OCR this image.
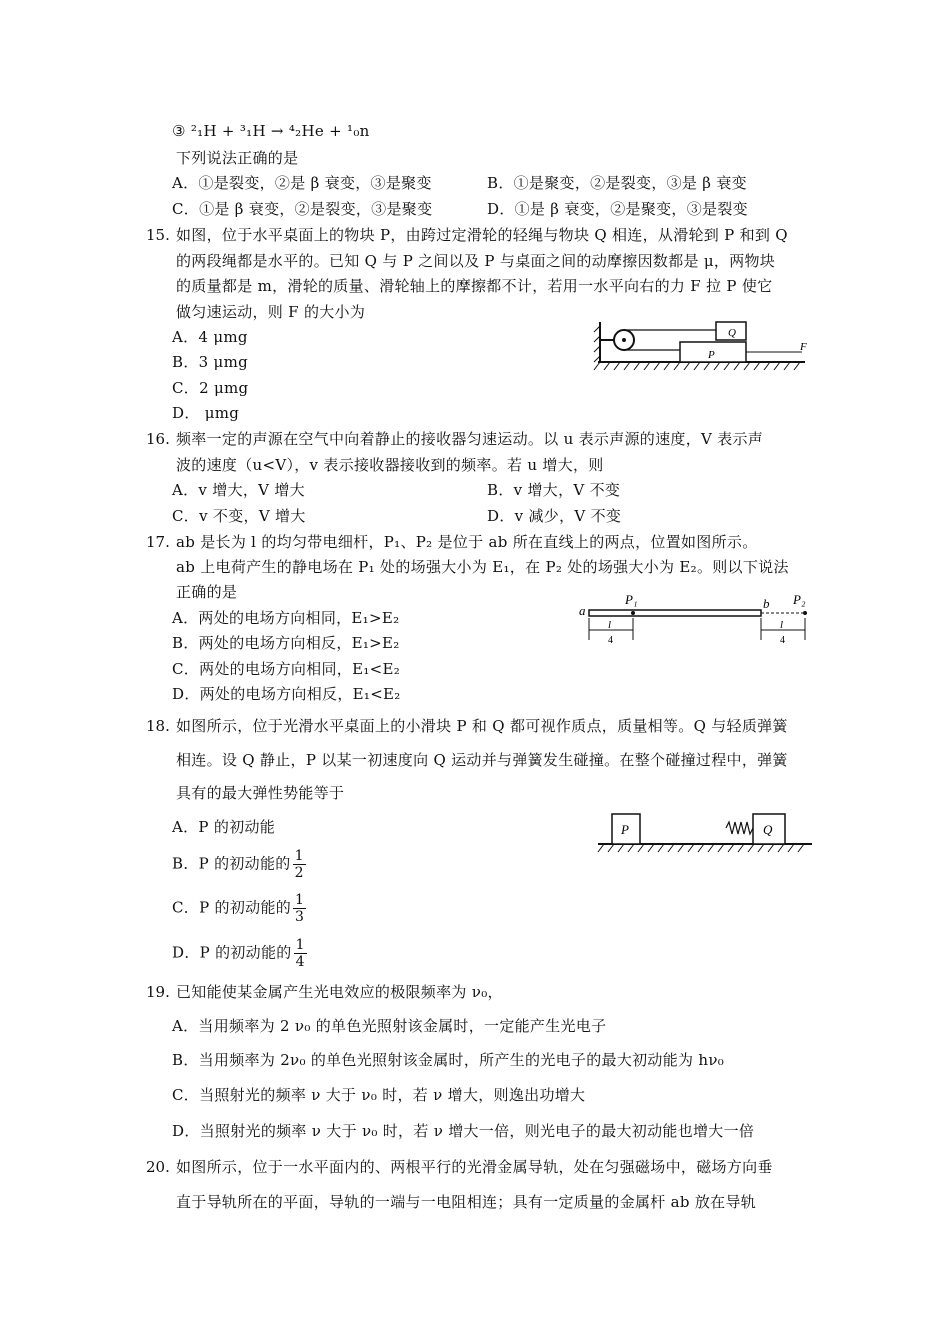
③ ²₁H + ³₁H → ⁴₂He + ¹₀n
下列说法正确的是
A．①是裂变，②是 β 衰变，③是聚变	B．①是聚变，②是裂变，③是 β 衰变
C．①是 β 衰变，②是裂变，③是聚变	D．①是 β 衰变，②是聚变，③是裂变
15. 如图，位于水平桌面上的物块 P，由跨过定滑轮的轻绳与物块 Q 相连，从滑轮到 P 和到 Q
的两段绳都是水平的。已知 Q 与 P 之间以及 P 与桌面之间的动摩擦因数都是 μ，两物块
的质量都是 m，滑轮的质量、滑轮轴上的摩擦都不计，若用一水平向右的力 F 拉 P 使它
做匀速运动，则 F 的大小为
A．4 μmg
B．3 μmg
C．2 μmg
D． μmg
Q
P
F
16. 频率一定的声源在空气中向着静止的接收器匀速运动。以 u 表示声源的速度，V 表示声
波的速度（u<V），v 表示接收器接收到的频率。若 u 增大，则
A．v 增大，V 增大	B．v 增大，V 不变
C．v 不变，V 增大	D．v 减少，V 不变
17. ab 是长为 l 的均匀带电细杆，P₁、P₂ 是位于 ab 所在直线上的两点，位置如图所示。
ab 上电荷产生的静电场在 P₁ 处的场强大小为 E₁，在 P₂ 处的场强大小为 E₂。则以下说法
正确的是
A．两处的电场方向相同，E₁>E₂
B．两处的电场方向相反，E₁>E₂
C．两处的电场方向相同，E₁<E₂
D．两处的电场方向相反，E₁<E₂
a	b
P₁	P₂
l
4
l
4
18. 如图所示，位于光滑水平桌面上的小滑块 P 和 Q 都可视作质点，质量相等。Q 与轻质弹簧
相连。设 Q 静止，P 以某一初速度向 Q 运动并与弹簧发生碰撞。在整个碰撞过程中，弹簧
具有的最大弹性势能等于
A．P 的初动能
B．P 的初动能的 $\frac{1}{2}$
C．P 的初动能的 $\frac{1}{3}$
D．P 的初动能的 $\frac{1}{4}$
P	Q
19. 已知能使某金属产生光电效应的极限频率为 ν₀，
A．当用频率为 2 ν₀ 的单色光照射该金属时，一定能产生光电子
B．当用频率为 2ν₀ 的单色光照射该金属时，所产生的光电子的最大初动能为 hν₀
C．当照射光的频率 ν 大于 ν₀ 时，若 ν 增大，则逸出功增大
D．当照射光的频率 ν 大于 ν₀ 时，若 ν 增大一倍，则光电子的最大初动能也增大一倍
20. 如图所示，位于一水平面内的、两根平行的光滑金属导轨，处在匀强磁场中，磁场方向垂
直于导轨所在的平面，导轨的一端与一电阻相连；具有一定质量的金属杆 ab 放在导轨
